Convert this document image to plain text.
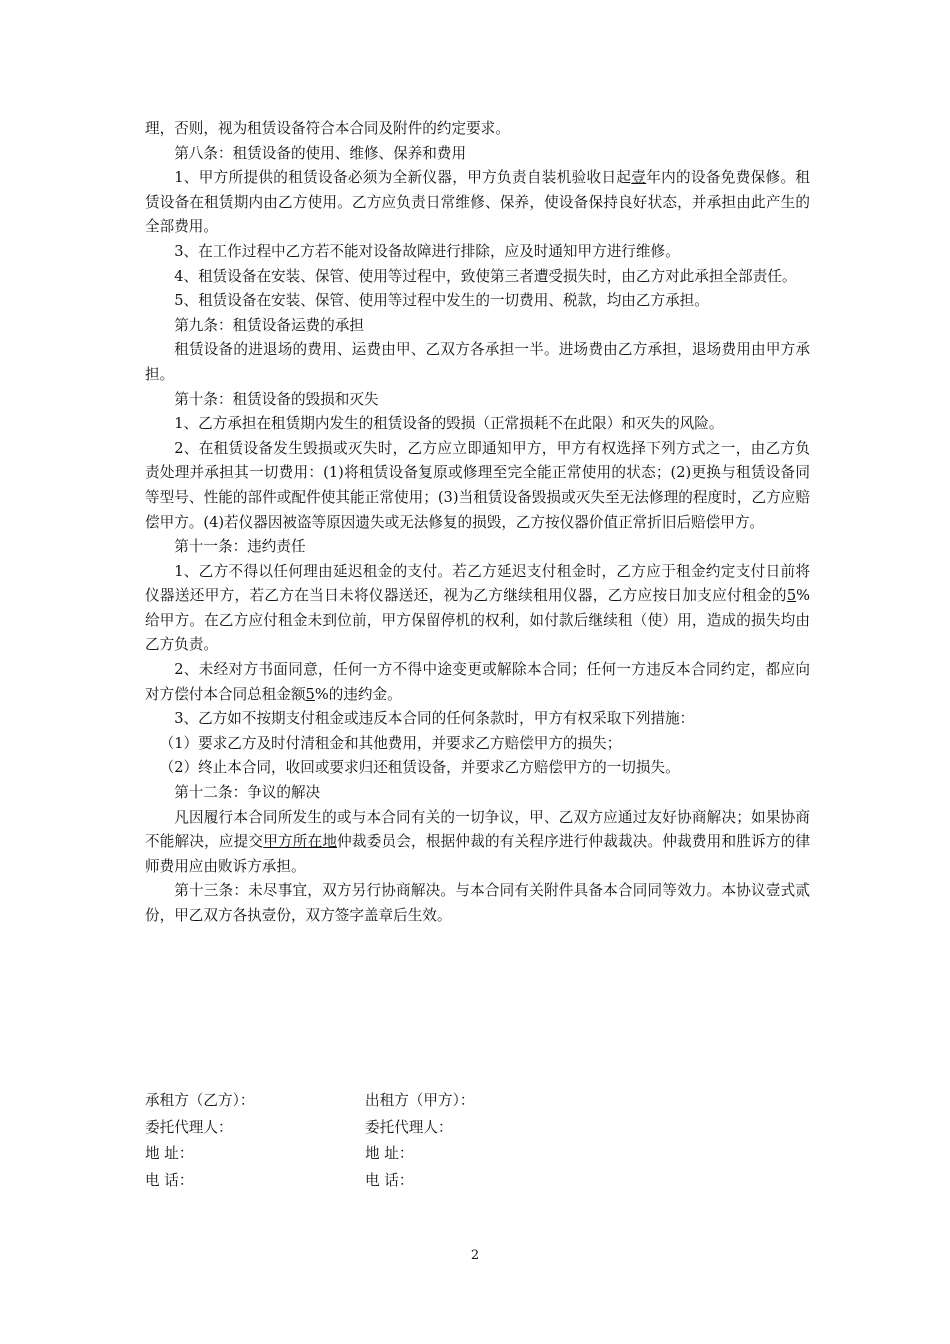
理，否则，视为租赁设备符合本合同及附件的约定要求。

第八条：租赁设备的使用、维修、保养和费用

1、甲方所提供的租赁设备必须为全新仪器，甲方负责自装机验收日起壹年内的设备免费保修。租赁设备在租赁期内由乙方使用。乙方应负责日常维修、保养，使设备保持良好状态，并承担由此产生的全部费用。

3、在工作过程中乙方若不能对设备故障进行排除，应及时通知甲方进行维修。

4、租赁设备在安装、保管、使用等过程中，致使第三者遭受损失时，由乙方对此承担全部责任。

5、租赁设备在安装、保管、使用等过程中发生的一切费用、税款，均由乙方承担。

第九条：租赁设备运费的承担

租赁设备的进退场的费用、运费由甲、乙双方各承担一半。进场费由乙方承担，退场费用由甲方承担。

第十条：租赁设备的毁损和灭失

1、乙方承担在租赁期内发生的租赁设备的毁损（正常损耗不在此限）和灭失的风险。

2、在租赁设备发生毁损或灭失时，乙方应立即通知甲方，甲方有权选择下列方式之一，由乙方负责处理并承担其一切费用：(1)将租赁设备复原或修理至完全能正常使用的状态；(2)更换与租赁设备同等型号、性能的部件或配件使其能正常使用；(3)当租赁设备毁损或灭失至无法修理的程度时，乙方应赔偿甲方。(4)若仪器因被盗等原因遗失或无法修复的损毁，乙方按仪器价值正常折旧后赔偿甲方。

第十一条：违约责任

1、乙方不得以任何理由延迟租金的支付。若乙方延迟支付租金时，乙方应于租金约定支付日前将仪器送还甲方，若乙方在当日未将仪器送还，视为乙方继续租用仪器，乙方应按日加支应付租金的5%给甲方。在乙方应付租金未到位前，甲方保留停机的权利，如付款后继续租（使）用，造成的损失均由乙方负责。

2、未经对方书面同意，任何一方不得中途变更或解除本合同；任何一方违反本合同约定，都应向对方偿付本合同总租金额5%的违约金。

3、乙方如不按期支付租金或违反本合同的任何条款时，甲方有权采取下列措施：

（1）要求乙方及时付清租金和其他费用，并要求乙方赔偿甲方的损失；

（2）终止本合同，收回或要求归还租赁设备，并要求乙方赔偿甲方的一切损失。

第十二条：争议的解决

凡因履行本合同所发生的或与本合同有关的一切争议，甲、乙双方应通过友好协商解决；如果协商不能解决，应提交甲方所在地仲裁委员会，根据仲裁的有关程序进行仲裁裁决。仲裁费用和胜诉方的律师费用应由败诉方承担。

第十三条：未尽事宜，双方另行协商解决。与本合同有关附件具备本合同同等效力。本协议壹式贰份，甲乙双方各执壹份，双方签字盖章后生效。

承租方（乙方）：	出租方（甲方）：
委托代理人：	委托代理人：
地 址：	地 址：
电 话：	电 话：
2
